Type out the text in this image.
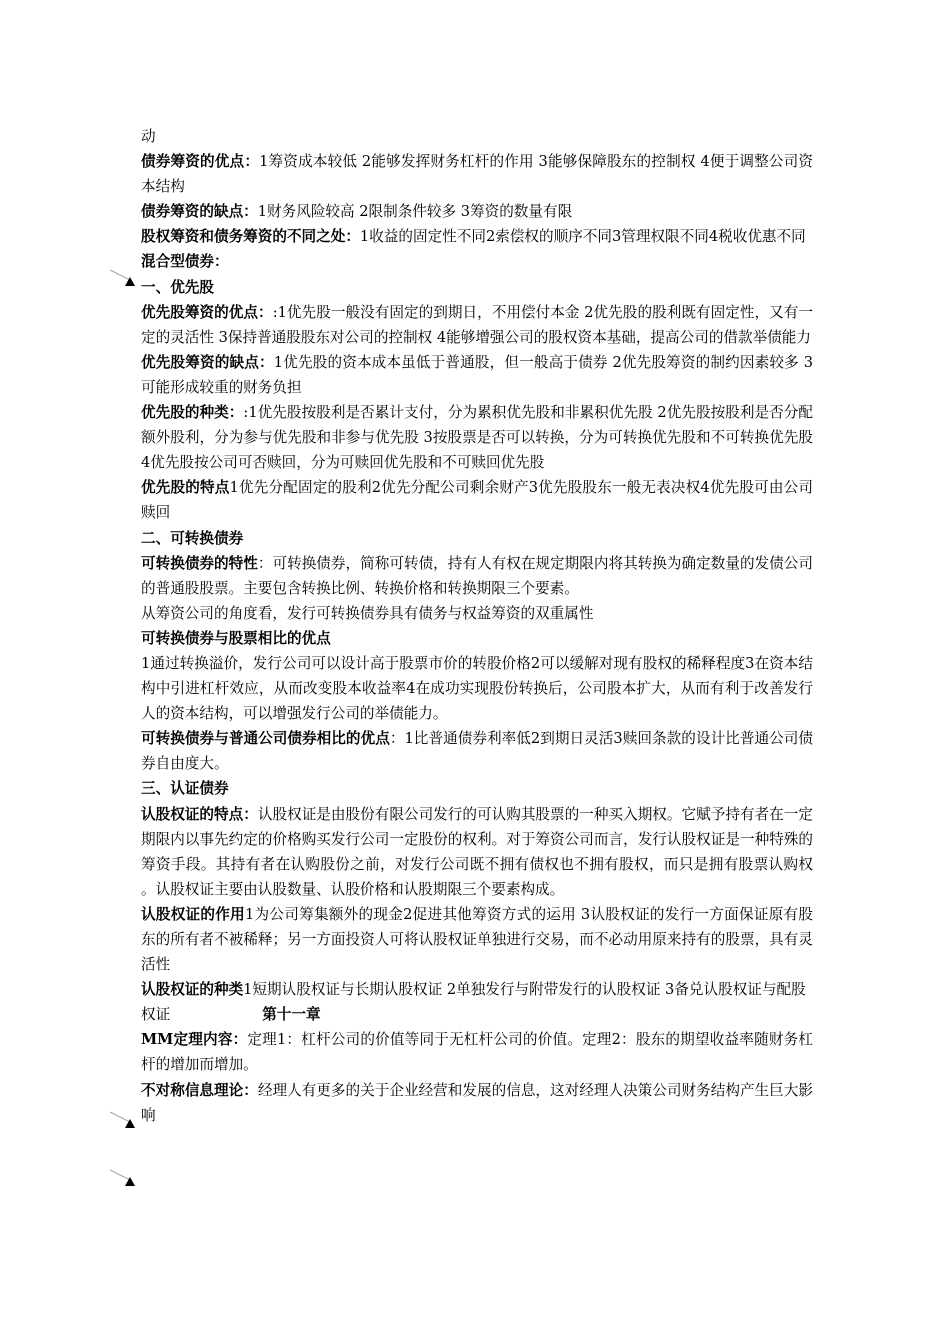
动

债券筹资的优点：1筹资成本较低 2能够发挥财务杠杆的作用 3能够保障股东的控制权 4便于调整公司资本结构

债券筹资的缺点：1财务风险较高 2限制条件较多 3筹资的数量有限

股权筹资和债务筹资的不同之处：1收益的固定性不同2索偿权的顺序不同3管理权限不同4税收优惠不同

混合型债券：

一、优先股

优先股筹资的优点：:1优先股一般没有固定的到期日，不用偿付本金 2优先股的股利既有固定性，又有一定的灵活性 3保持普通股股东对公司的控制权 4能够增强公司的股权资本基础，提高公司的借款举债能力

优先股筹资的缺点：1优先股的资本成本虽低于普通股，但一般高于债券 2优先股筹资的制约因素较多 3可能形成较重的财务负担

优先股的种类：:1优先股按股利是否累计支付，分为累积优先股和非累积优先股 2优先股按股利是否分配额外股利，分为参与优先股和非参与优先股 3按股票是否可以转换，分为可转换优先股和不可转换优先股4优先股按公司可否赎回，分为可赎回优先股和不可赎回优先股

优先股的特点1优先分配固定的股利2优先分配公司剩余财产3优先股股东一般无表决权4优先股可由公司赎回

二、可转换债券

可转换债券的特性：可转换债券，简称可转债，持有人有权在规定期限内将其转换为确定数量的发债公司的普通股股票。主要包含转换比例、转换价格和转换期限三个要素。

从筹资公司的角度看，发行可转换债券具有债务与权益筹资的双重属性

可转换债券与股票相比的优点

1通过转换溢价，发行公司可以设计高于股票市价的转股价格2可以缓解对现有股权的稀释程度3在资本结构中引进杠杆效应，从而改变股本收益率4在成功实现股份转换后，公司股本扩大，从而有利于改善发行人的资本结构，可以增强发行公司的举债能力。

可转换债券与普通公司债券相比的优点：1比普通债券利率低2到期日灵活3赎回条款的设计比普通公司债券自由度大。

三、认证债券

认股权证的特点：认股权证是由股份有限公司发行的可认购其股票的一种买入期权。它赋予持有者在一定期限内以事先约定的价格购买发行公司一定股份的权利。对于筹资公司而言，发行认股权证是一种特殊的筹资手段。其持有者在认购股份之前，对发行公司既不拥有债权也不拥有股权，而只是拥有股票认购权 。认股权证主要由认股数量、认股价格和认股期限三个要素构成。

认股权证的作用1为公司筹集额外的现金2促进其他筹资方式的运用 3认股权证的发行一方面保证原有股东的所有者不被稀释；另一方面投资人可将认股权证单独进行交易，而不必动用原来持有的股票，具有灵活性

认股权证的种类1短期认股权证与长期认股权证 2单独发行与附带发行的认股权证 3备兑认股权证与配股权证	第十一章

MM定理内容：定理1：杠杆公司的价值等同于无杠杆公司的价值。定理2：股东的期望收益率随财务杠杆的增加而增加。

不对称信息理论：经理人有更多的关于企业经营和发展的信息，这对经理人决策公司财务结构产生巨大影响
